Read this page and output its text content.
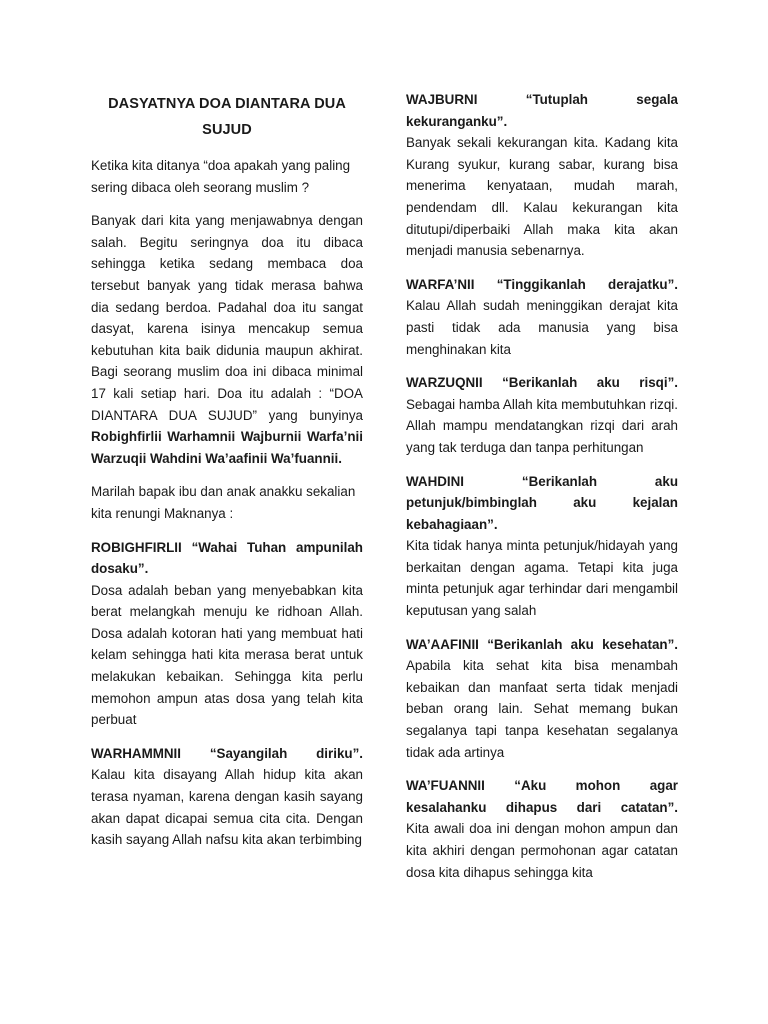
DASYATNYA DOA DIANTARA DUA SUJUD

Ketika kita ditanya “doa apakah yang paling sering dibaca oleh seorang muslim ?

Banyak dari kita yang menjawabnya dengan salah. Begitu seringnya doa itu dibaca sehingga ketika sedang membaca doa tersebut banyak yang tidak merasa bahwa dia sedang berdoa. Padahal doa itu sangat dasyat, karena isinya mencakup semua kebutuhan kita baik didunia maupun akhirat. Bagi seorang muslim doa ini dibaca minimal 17 kali setiap hari. Doa itu adalah : “DOA DIANTARA DUA SUJUD” yang bunyinya Robighfirlii Warhamnii Wajburnii Warfa’nii Warzuqii Wahdini Wa’aafinii Wa’fuannii.

Marilah bapak ibu dan anak anakku sekalian kita renungi Maknanya :

ROBIGHFIRLII “Wahai Tuhan ampunilah dosaku”.

Dosa adalah beban yang menyebabkan kita berat melangkah menuju ke ridhoan Allah. Dosa adalah kotoran hati yang membuat hati kelam sehingga hati kita merasa berat untuk melakukan kebaikan. Sehingga kita perlu memohon ampun atas dosa yang telah kita perbuat

WARHAMMNII “Sayangilah diriku”.

Kalau kita disayang Allah hidup kita akan terasa nyaman, karena dengan kasih sayang akan dapat dicapai semua cita cita. Dengan kasih sayang Allah nafsu kita akan terbimbing

WAJBURNI “Tutuplah segala kekuranganku”.

Banyak sekali kekurangan kita. Kadang kita Kurang syukur, kurang sabar, kurang bisa menerima kenyataan, mudah marah, pendendam dll. Kalau kekurangan kita ditutupi/diperbaiki Allah maka kita akan menjadi manusia sebenarnya.

WARFA’NII “Tinggikanlah derajatku”.

Kalau Allah sudah meninggikan derajat kita pasti tidak ada manusia yang bisa menghinakan kita

WARZUQNII “Berikanlah aku risqi”.

Sebagai hamba Allah kita membutuhkan rizqi. Allah mampu mendatangkan rizqi dari arah yang tak terduga dan tanpa perhitungan

WAHDINI “Berikanlah aku petunjuk/bimbinglah aku kejalan kebahagiaan”.

Kita tidak hanya minta petunjuk/hidayah yang berkaitan dengan agama. Tetapi kita juga minta petunjuk agar terhindar dari mengambil keputusan yang salah

WA’AAFINII “Berikanlah aku kesehatan”.

Apabila kita sehat kita bisa menambah kebaikan dan manfaat serta tidak menjadi beban orang lain. Sehat memang bukan segalanya tapi tanpa kesehatan segalanya tidak ada artinya

WA’FUANNII “Aku mohon agar kesalahanku dihapus dari catatan”.

Kita awali doa ini dengan mohon ampun dan kita akhiri dengan permohonan agar catatan dosa kita dihapus sehingga kita
